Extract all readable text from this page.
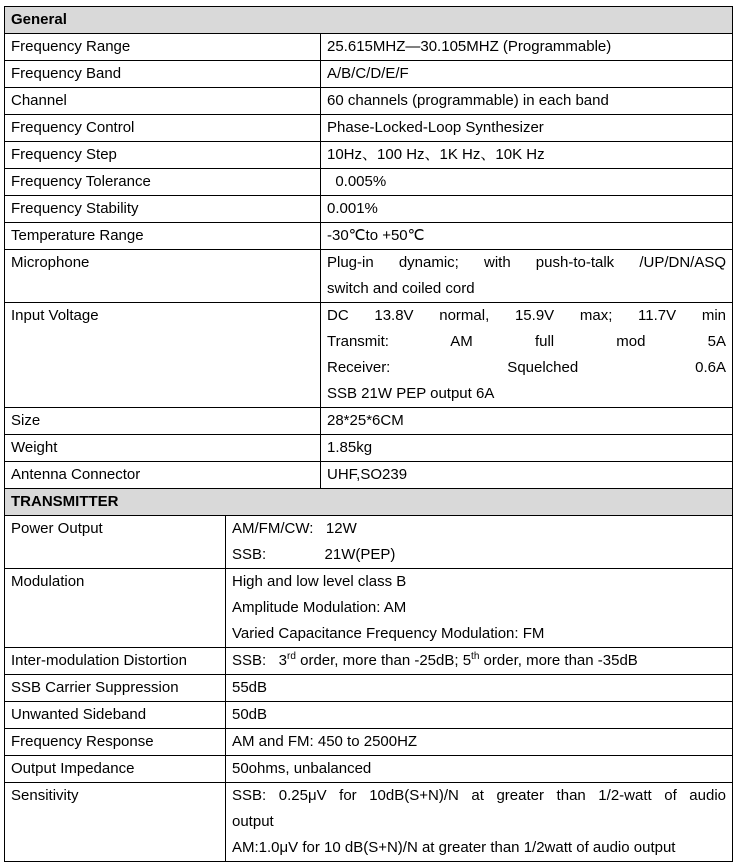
General		
Frequency Range		25.615MHZ—30.105MHZ (Programmable)
Frequency Band		A/B/C/D/E/F
Channel		60 channels (programmable) in each band
Frequency Control		Phase-Locked-Loop Synthesizer
Frequency Step		10Hz、100 Hz、1K Hz、10K Hz
Frequency Tolerance		0.005%
Frequency Stability		0.001%
Temperature Range		-30℃to +50℃
Microphone		Plug-in dynamic; with push-to-talk /UP/DN/ASQ
switch and coiled cord

Input Voltage		DC 13.8V normal, 15.9V max; 11.7V min
Transmit: AM full mod 5A
Receiver: Squelched 0.6A
SSB 21W PEP output 6A

Size		28*25*6CM
Weight		1.85kg
Antenna Connector		UHF,SO239
TRANSMITTER		
Power Output	AM/FM/CW:   12W
SSB:              21W(PEP)	

Modulation	High and low level class B
Amplitude Modulation: AM
Varied Capacitance Frequency Modulation: FM	

Inter-modulation Distortion	SSB:   3rd order, more than -25dB; 5th order, more than -35dB	
SSB Carrier Suppression	55dB	
Unwanted Sideband	50dB	
Frequency Response	AM and FM: 450 to 2500HZ	
Output Impedance	50ohms, unbalanced	
Sensitivity	SSB: 0.25μV for 10dB(S+N)/N at greater than 1/2-watt of audio
output
AM:1.0μV for 10 dB(S+N)/N at greater than 1/2watt of audio output	
